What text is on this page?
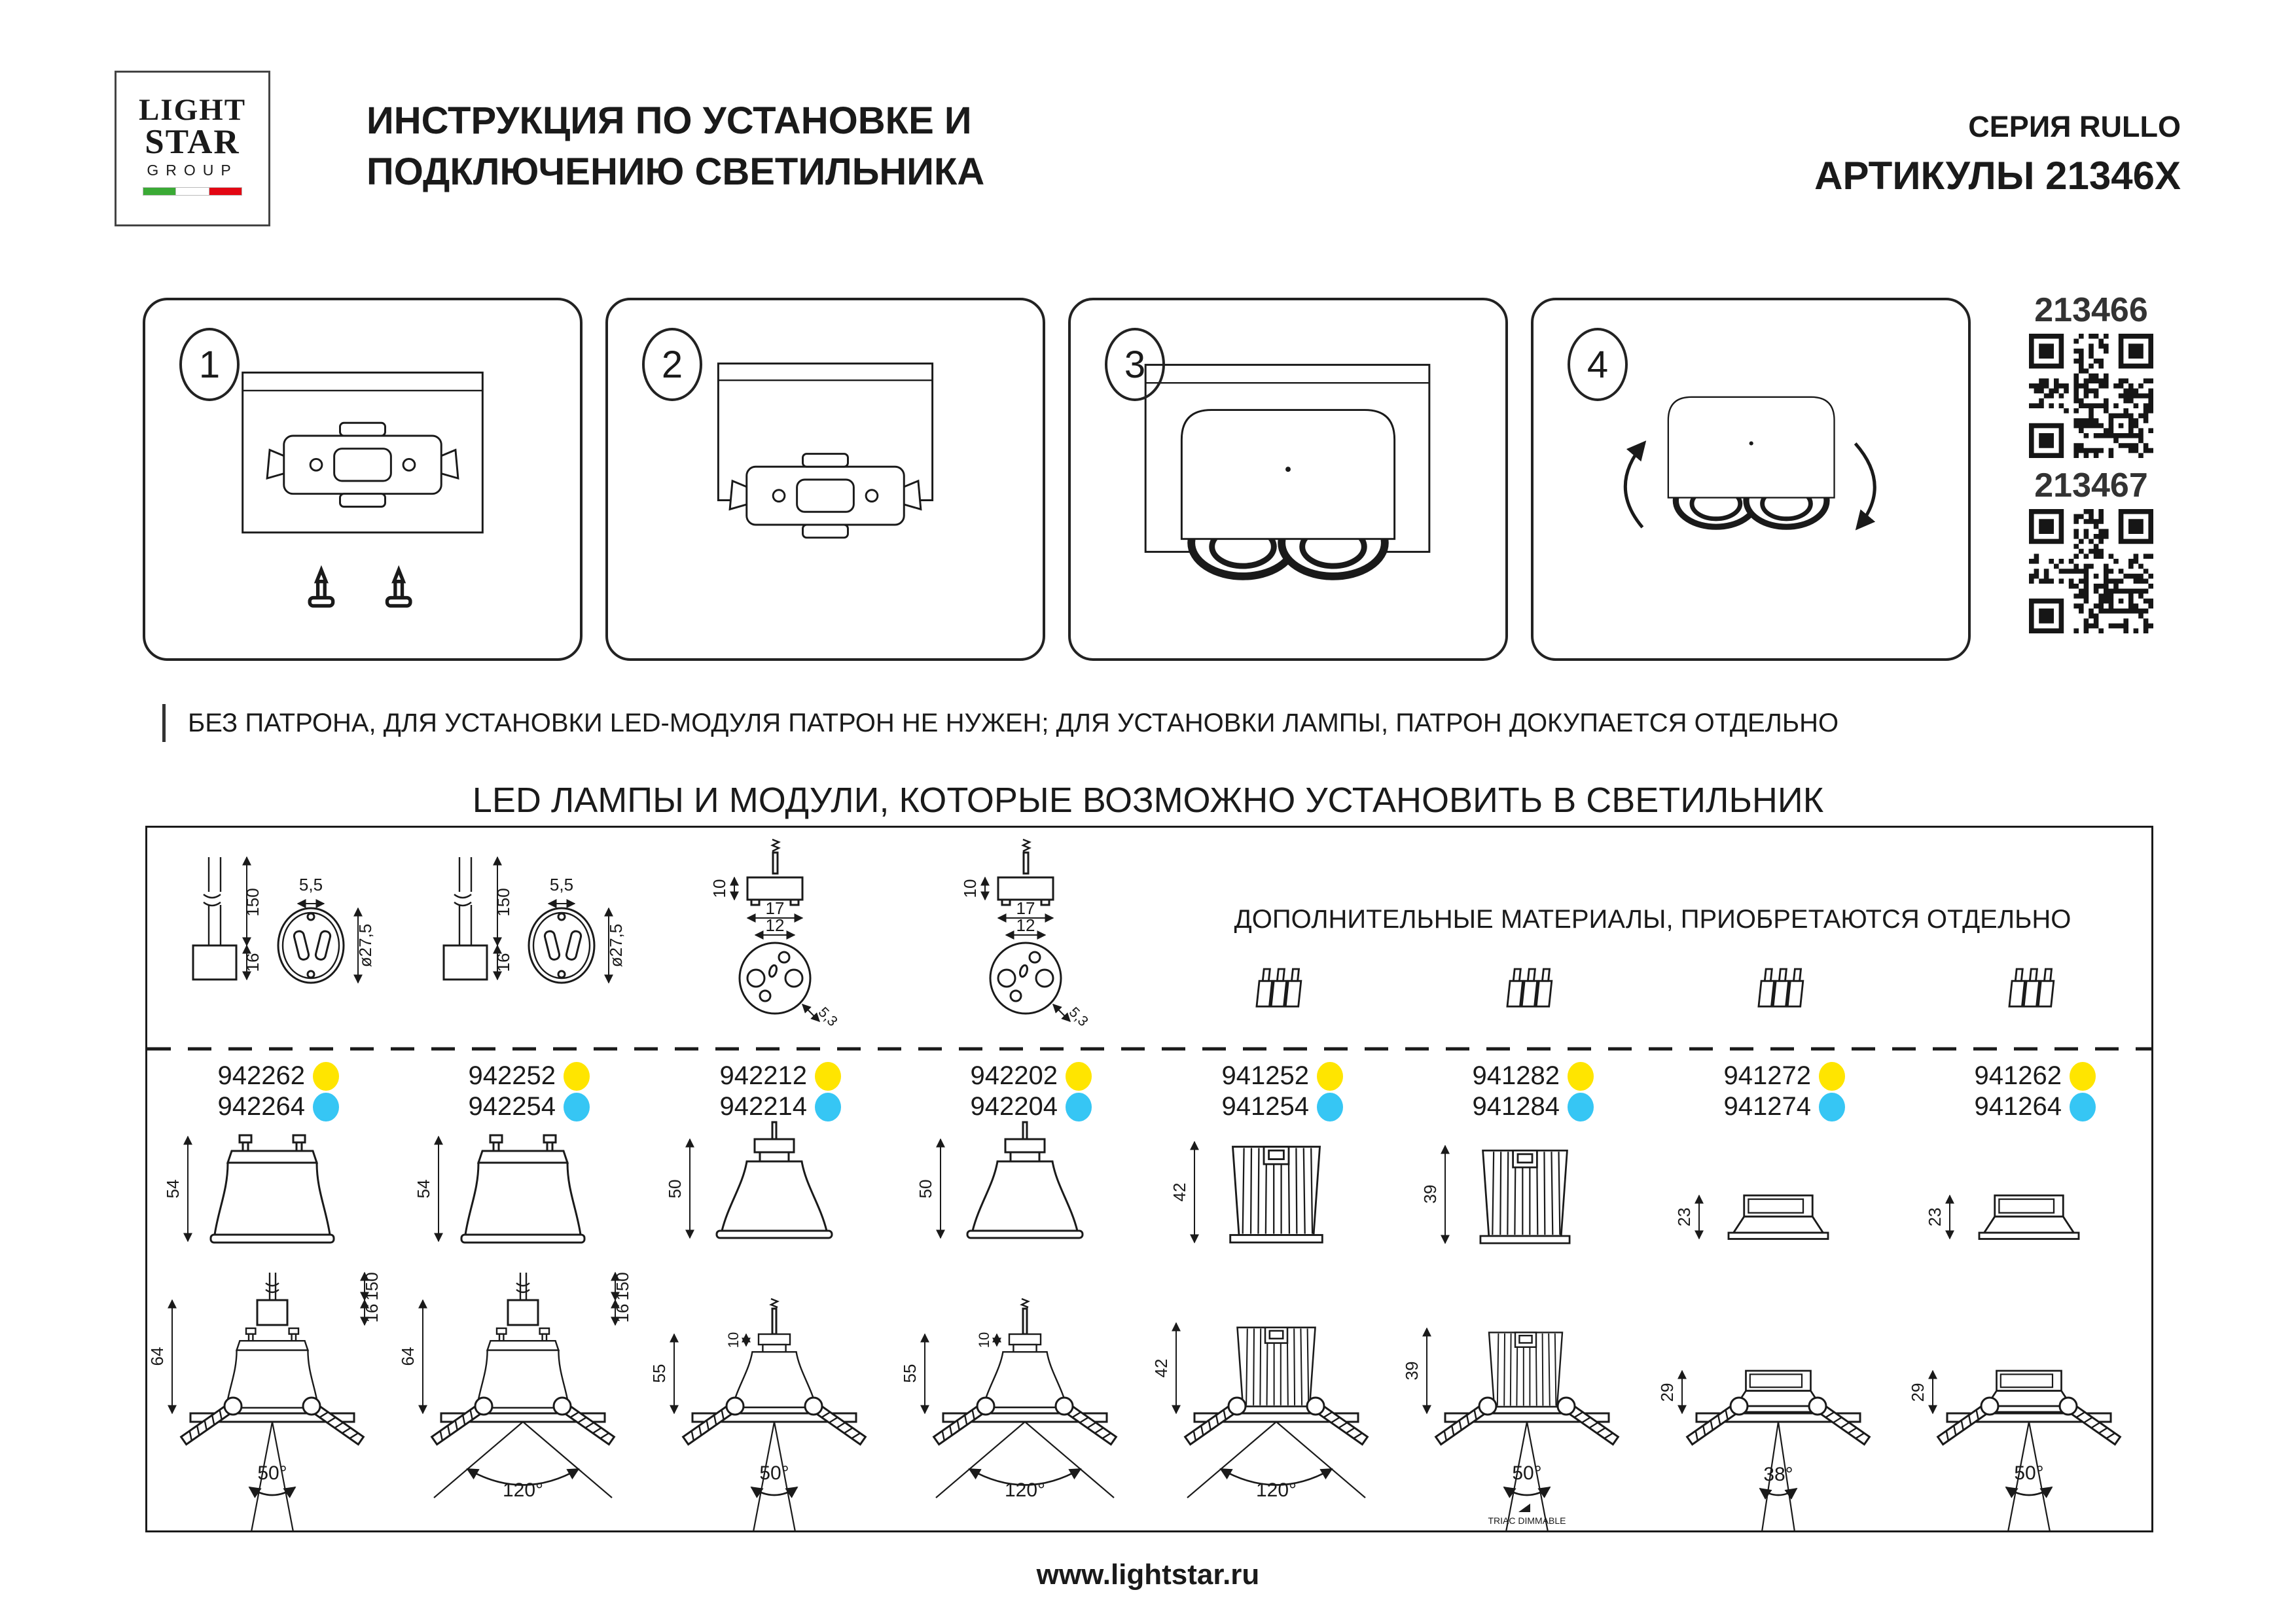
LIGHT
STAR
GROUP
ИНСТРУКЦИЯ ПО УСТАНОВКЕ И
ПОДКЛЮЧЕНИЮ СВЕТИЛЬНИКА
СЕРИЯ RULLO
АРТИКУЛЫ 21346X
1	2	3	4
213466
213467
БЕЗ ПАТРОНА, ДЛЯ УСТАНОВКИ LED-МОДУЛЯ ПАТРОН НЕ НУЖЕН; ДЛЯ УСТАНОВКИ ЛАМПЫ, ПАТРОН ДОКУПАЕТСЯ ОТДЕЛЬНО
LED ЛАМПЫ И МОДУЛИ, КОТОРЫЕ ВОЗМОЖНО УСТАНОВИТЬ В СВЕТИЛЬНИК
150
16
5,5
ø27,5
150
16
5,5
ø27,5
10
17
12
5,3
10
17
12
5,3
ДОПОЛНИТЕЛЬНЫЕ МАТЕРИАЛЫ, ПРИОБРЕТАЮТСЯ ОТДЕЛЬНО
942262
942264
54
64
150
16
50°
942252
942254
54
64
150
16
120°
942212
942214
50
10
55
50°
942202
942204
50
10
55
120°
941252
941254
42
42
120°
941282
941284
39
39
50°
TRIAC DIMMABLE
941272
941274
23
29
38°
941262
941264
23
29
50°
www.lightstar.ru
